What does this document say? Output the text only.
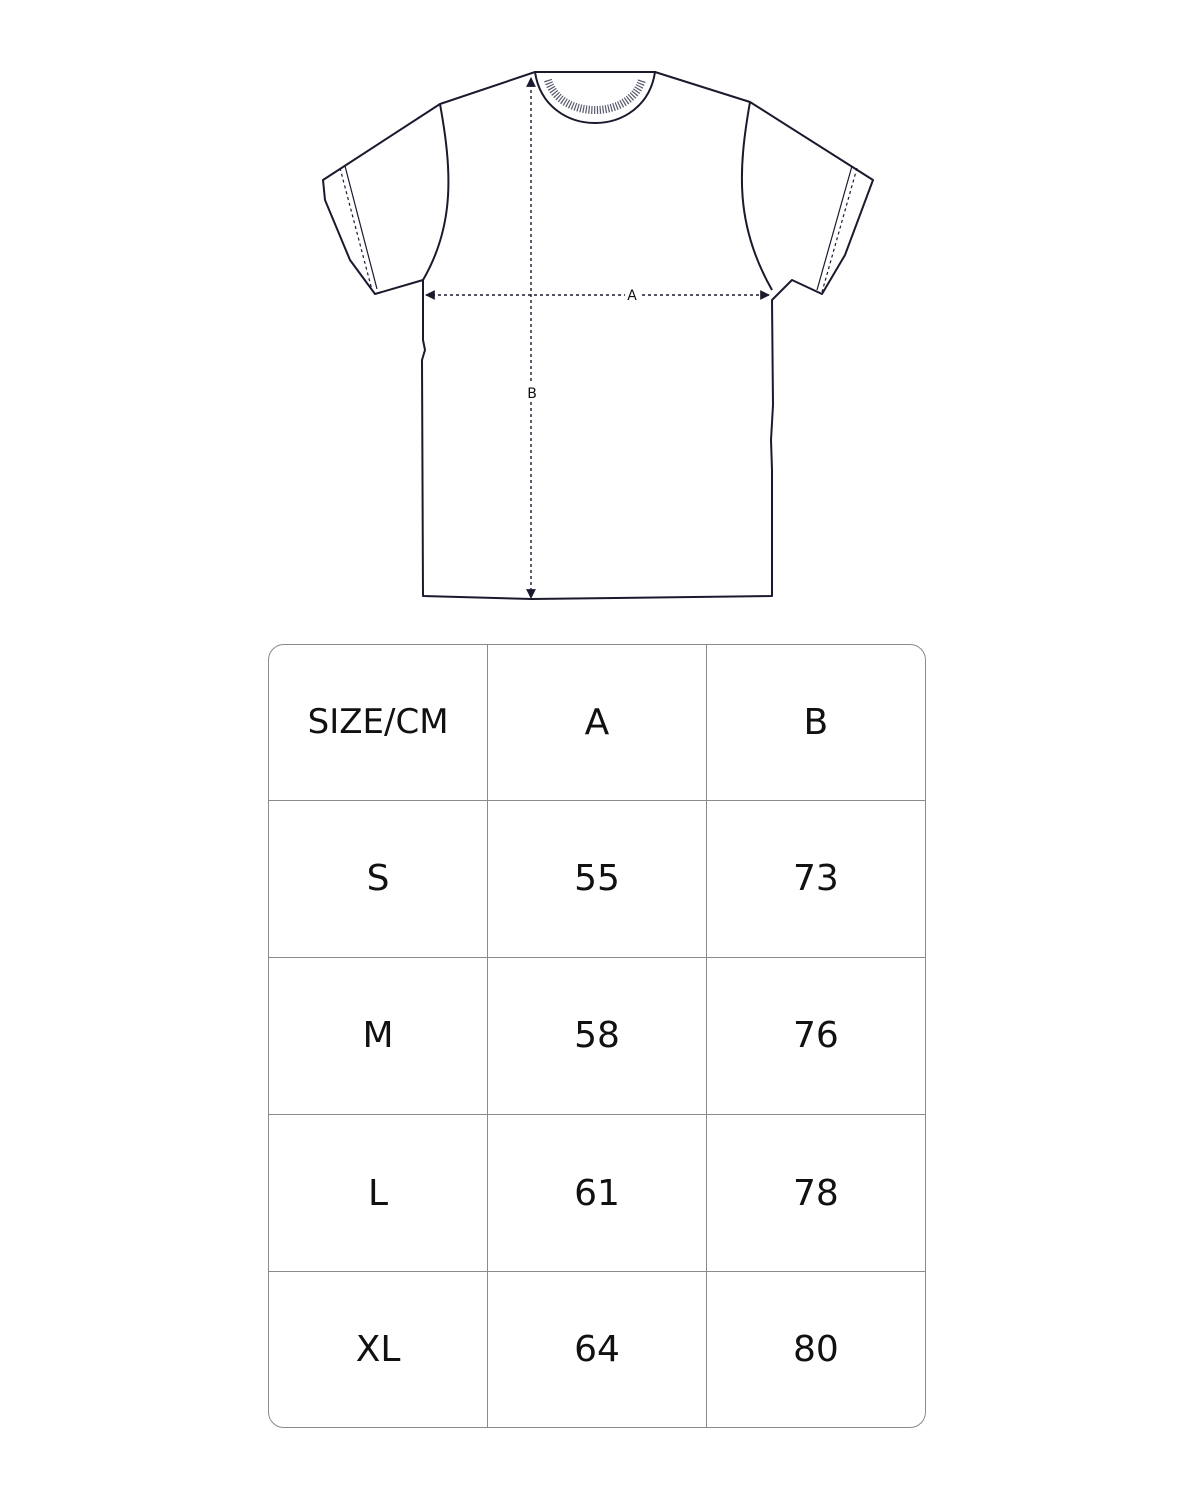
A
B
SIZE/CM	A	B
S	55	73
M	58	76
L	61	78
XL	64	80
